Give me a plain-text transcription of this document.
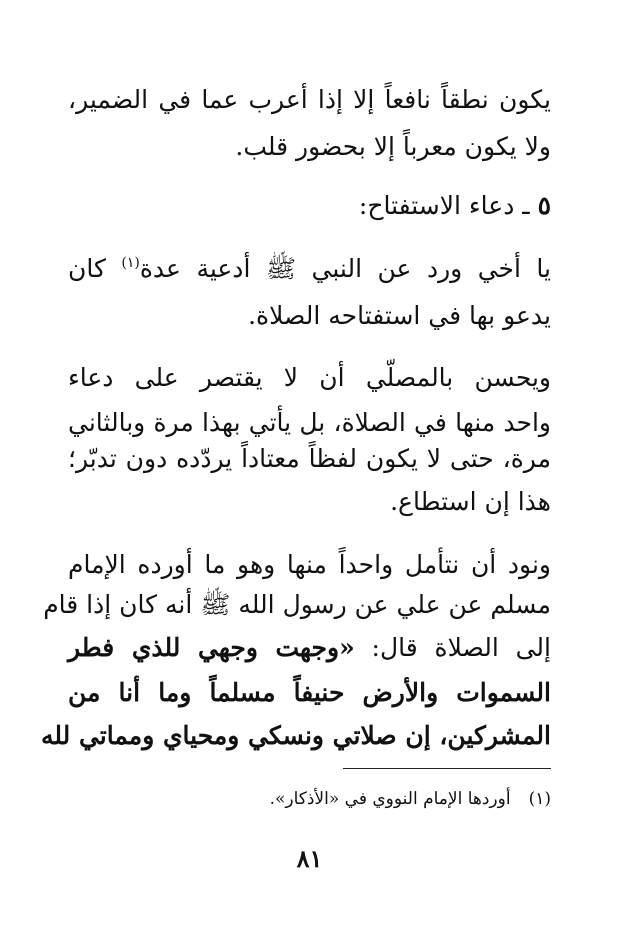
يكون نطقاً نافعاً إلا إذا أعرب عما في الضمير،
ولا يكون معرباً إلا بحضور قلب.
٥ ـ دعاء الاستفتاح:
يا أخي ورد عن النبي ﷺ أدعية عدة$^{(١)}$ كان
يدعو بها في استفتاحه الصلاة.
ويحسن بالمصلّي أن لا يقتصر على دعاء
واحد منها في الصلاة، بل يأتي بهذا مرة وبالثاني
مرة، حتى لا يكون لفظاً معتاداً يردّده دون تدبّر؛
هذا إن استطاع.
ونود أن نتأمل واحداً منها وهو ما أورده الإمام
مسلم عن علي عن رسول الله ﷺ أنه كان إذا قام
إلى الصلاة قال: «وجهت وجهي للذي فطر
السموات والأرض حنيفاً مسلماً وما أنا من
المشركين، إن صلاتي ونسكي ومحياي ومماتي لله
(١)أوردها الإمام النووي في «الأذكار».
٨١
